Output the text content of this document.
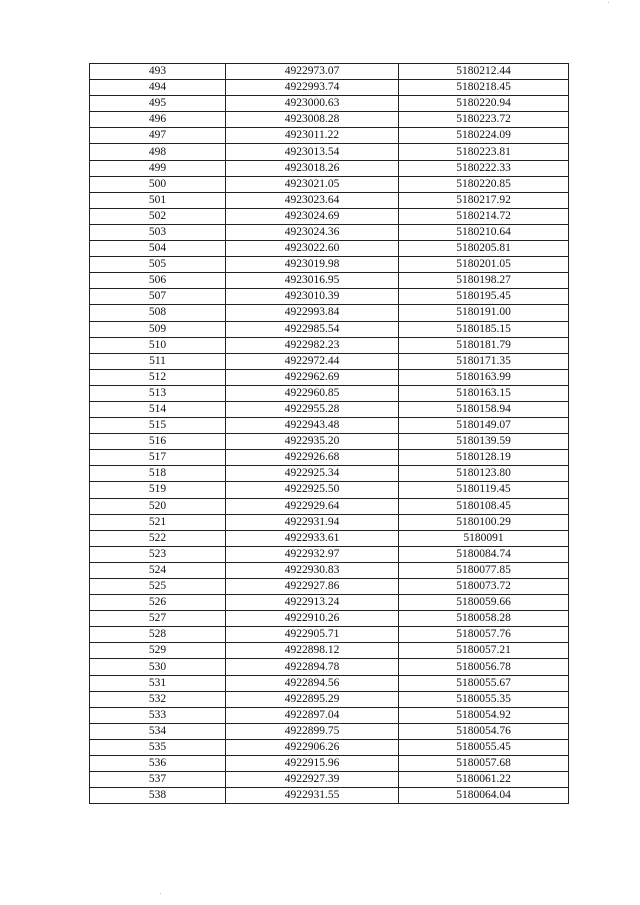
493	4922973.07	5180212.44
494	4922993.74	5180218.45
495	4923000.63	5180220.94
496	4923008.28	5180223.72
497	4923011.22	5180224.09
498	4923013.54	5180223.81
499	4923018.26	5180222.33
500	4923021.05	5180220.85
501	4923023.64	5180217.92
502	4923024.69	5180214.72
503	4923024.36	5180210.64
504	4923022.60	5180205.81
505	4923019.98	5180201.05
506	4923016.95	5180198.27
507	4923010.39	5180195.45
508	4922993.84	5180191.00
509	4922985.54	5180185.15
510	4922982.23	5180181.79
511	4922972.44	5180171.35
512	4922962.69	5180163.99
513	4922960.85	5180163.15
514	4922955.28	5180158.94
515	4922943.48	5180149.07
516	4922935.20	5180139.59
517	4922926.68	5180128.19
518	4922925.34	5180123.80
519	4922925.50	5180119.45
520	4922929.64	5180108.45
521	4922931.94	5180100.29
522	4922933.61	5180091
523	4922932.97	5180084.74
524	4922930.83	5180077.85
525	4922927.86	5180073.72
526	4922913.24	5180059.66
527	4922910.26	5180058.28
528	4922905.71	5180057.76
529	4922898.12	5180057.21
530	4922894.78	5180056.78
531	4922894.56	5180055.67
532	4922895.29	5180055.35
533	4922897.04	5180054.92
534	4922899.75	5180054.76
535	4922906.26	5180055.45
536	4922915.96	5180057.68
537	4922927.39	5180061.22
538	4922931.55	5180064.04
